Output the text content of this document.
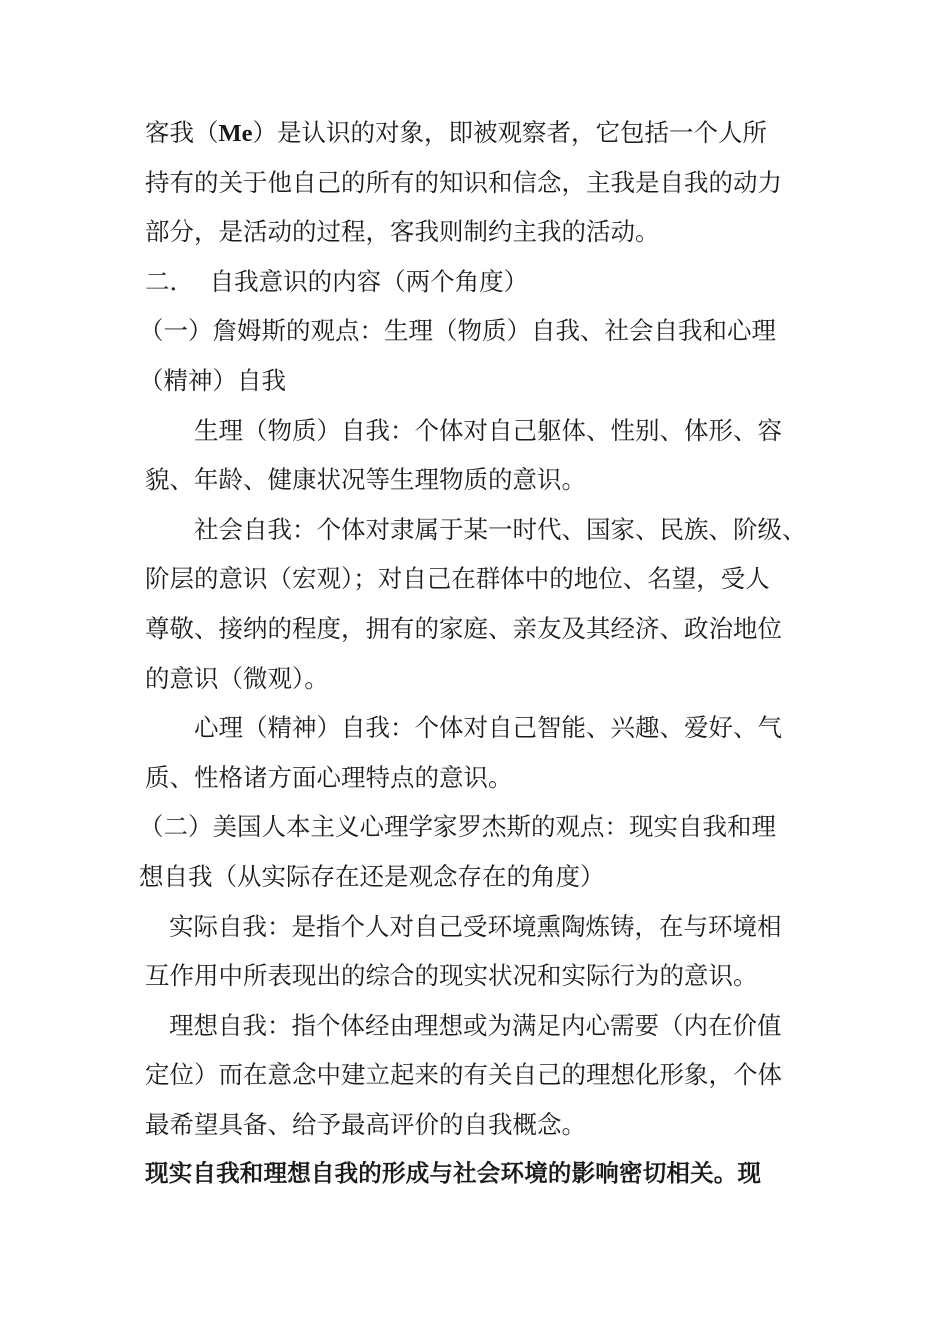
客我（Me）是认识的对象，即被观察者，它包括一个人所
持有的关于他自己的所有的知识和信念，主我是自我的动力
部分，是活动的过程，客我则制约主我的活动。
二．  自我意识的内容（两个角度）
（一）詹姆斯的观点：生理（物质）自我、社会自我和心理
（精神）自我
生理（物质）自我：个体对自己躯体、性别、体形、容
貌、年龄、健康状况等生理物质的意识。
社会自我：个体对隶属于某一时代、国家、民族、阶级、
阶层的意识（宏观）；对自己在群体中的地位、名望，受人
尊敬、接纳的程度，拥有的家庭、亲友及其经济、政治地位
的意识（微观）。
心理（精神）自我：个体对自己智能、兴趣、爱好、气
质、性格诸方面心理特点的意识。
（二）美国人本主义心理学家罗杰斯的观点：现实自我和理
想自我（从实际存在还是观念存在的角度）
实际自我：是指个人对自己受环境熏陶炼铸，在与环境相
互作用中所表现出的综合的现实状况和实际行为的意识。
理想自我：指个体经由理想或为满足内心需要（内在价值
定位）而在意念中建立起来的有关自己的理想化形象，个体
最希望具备、给予最高评价的自我概念。
现实自我和理想自我的形成与社会环境的影响密切相关。现
